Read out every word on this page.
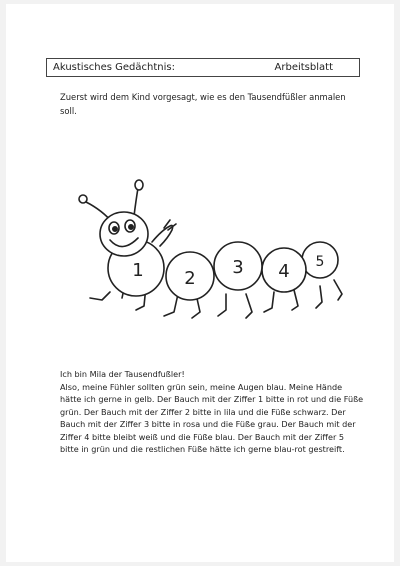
Akustisches Gedächtnis:	Arbeitsblatt
Zuerst wird dem Kind vorgesagt, wie es den Tausendfüßler anmalen soll.
1 2
3 4 5

Ich bin Mila der Tausendfußler!

Also, meine Fühler sollten grün sein, meine Augen blau. Meine Hände hätte ich gerne in gelb. Der Bauch mit der Ziffer 1 bitte in rot und die Füße grün. Der Bauch mit der Ziffer 2 bitte in lila und die Füße schwarz. Der Bauch mit der Ziffer 3 bitte in rosa und die Füße grau. Der Bauch mit der Ziffer 4 bitte bleibt weiß und die Füße blau. Der Bauch mit der Ziffer 5 bitte in grün und die restlichen Füße hätte ich gerne blau-rot gestreift.
